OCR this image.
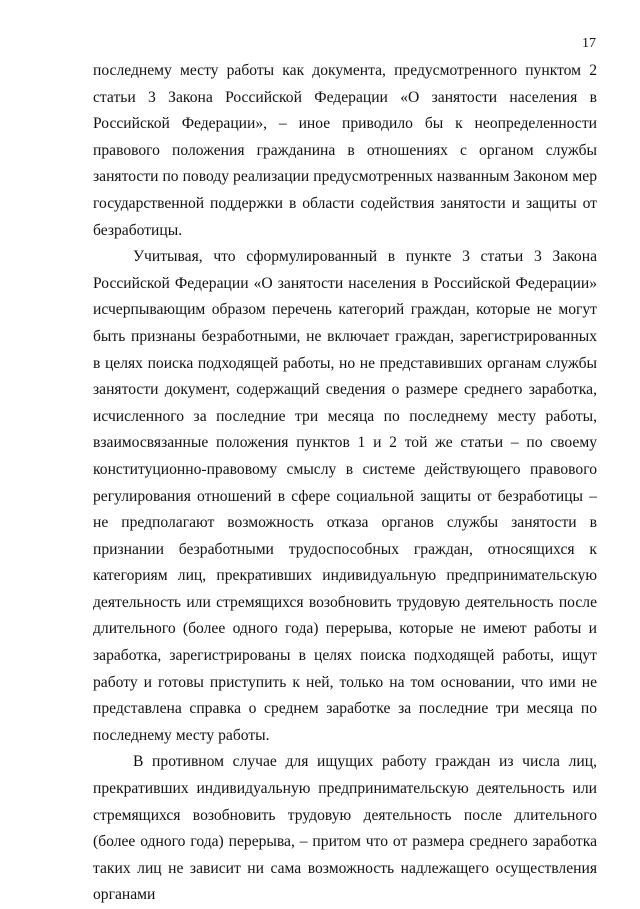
17

последнему месту работы как документа, предусмотренного пунктом 2 статьи 3 Закона Российской Федерации «О занятости населения в Российской Федерации», – иное приводило бы к неопределенности правового положения гражданина в отношениях с органом службы занятости по поводу реализации предусмотренных названным Законом мер государственной поддержки в области содействия занятости и защиты от безработицы.

Учитывая, что сформулированный в пункте 3 статьи 3 Закона Российской Федерации «О занятости населения в Российской Федерации» исчерпывающим образом перечень категорий граждан, которые не могут быть признаны безработными, не включает граждан, зарегистрированных в целях поиска подходящей работы, но не представивших органам службы занятости документ, содержащий сведения о размере среднего заработка, исчисленного за последние три месяца по последнему месту работы, взаимосвязанные положения пунктов 1 и 2 той же статьи – по своему конституционно-правовому смыслу в системе действующего правового регулирования отношений в сфере социальной защиты от безработицы – не предполагают возможность отказа органов службы занятости в признании безработными трудоспособных граждан, относящихся к категориям лиц, прекративших индивидуальную предпринимательскую деятельность или стремящихся возобновить трудовую деятельность после длительного (более одного года) перерыва, которые не имеют работы и заработка, зарегистрированы в целях поиска подходящей работы, ищут работу и готовы приступить к ней, только на том основании, что ими не представлена справка о среднем заработке за последние три месяца по последнему месту работы.

В противном случае для ищущих работу граждан из числа лиц, прекративших индивидуальную предпринимательскую деятельность или стремящихся возобновить трудовую деятельность после длительного (более одного года) перерыва, – притом что от размера среднего заработка таких лиц не зависит ни сама возможность надлежащего осуществления органами
